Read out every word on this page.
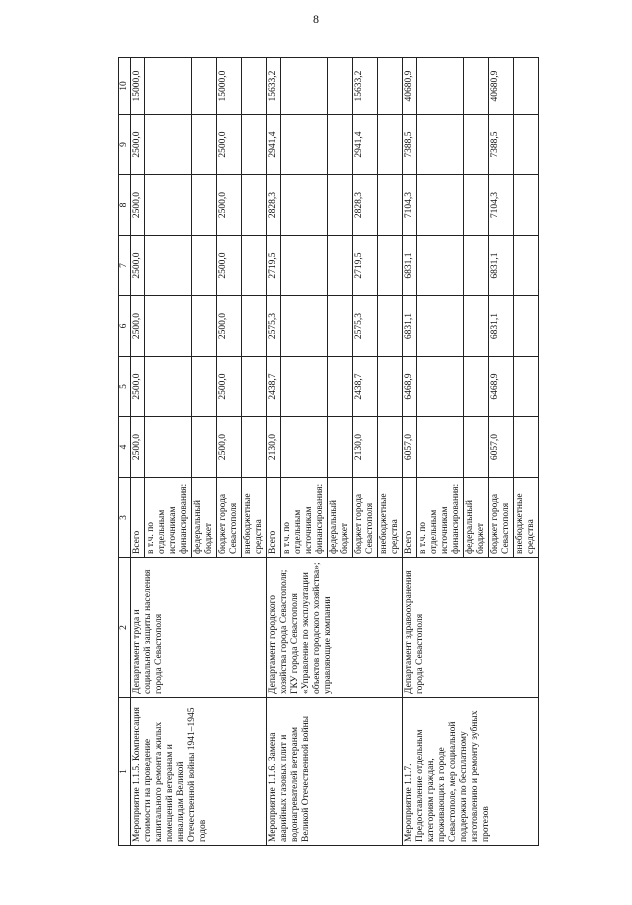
8
1	2	3	4	5	6	7	8	9	10
Мероприятие 1.1.5. Компенсация стоимости на проведение капитального ремонта жилых помещений ветеранам и инвалидам Великой Отечественной войны 1941–1945 годов	Департамент труда и социальной защиты населения города Севастополя	Всего	2500,0	2500,0	2500,0	2500,0	2500,0	2500,0	15000,0
		в т.ч. по отдельным источникам финансирования:							
		федеральный бюджет							
		бюджет города Севастополя	2500,0	2500,0	2500,0	2500,0	2500,0	2500,0	15000,0
		внебюджетные средства							
Мероприятие 1.1.6. Замена аварийных газовых плит и водонагревателей ветеранам Великой Отечественной войны	Департамент городского хозяйства города Севастополя; ГКУ города Севастополя «Управление по эксплуатации объектов городского хозяйства»; управляющие компании	Всего	2130,0	2438,7	2575,3	2719,5	2828,3	2941,4	15633,2
		в т.ч. по отдельным источникам финансирования:							
		федеральный бюджет							
		бюджет города Севастополя	2130,0	2438,7	2575,3	2719,5	2828,3	2941,4	15633,2
		внебюджетные средства							
Мероприятие 1.1.7. Предоставление отдельным категориям граждан, проживающих в городе Севастополе, мер социальной поддержки по бесплатному изготовлению и ремонту зубных протезов	Департамент здравоохранения города Севастополя	Всего	6057,0	6468,9	6831,1	6831,1	7104,3	7388,5	40680,9
		в т.ч. по отдельным источникам финансирования:							
		федеральный бюджет							
		бюджет города Севастополя	6057,0	6468,9	6831,1	6831,1	7104,3	7388,5	40680,9
		внебюджетные средства							
